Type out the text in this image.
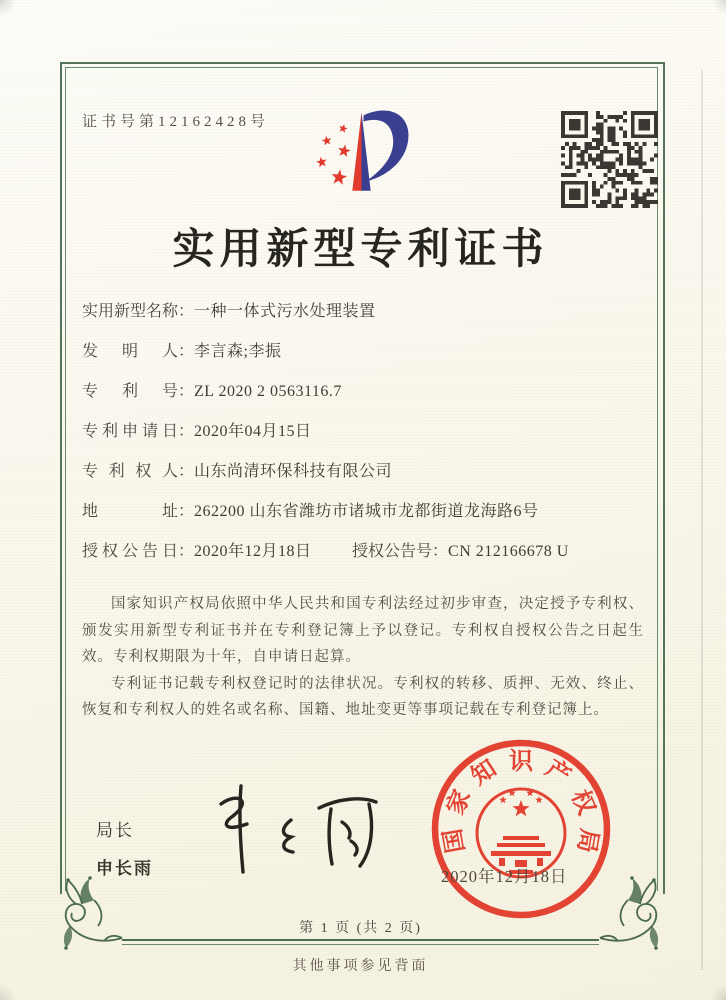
证书号第12162428号
实用新型专利证书
实用新型名称：一种一体式污水处理装置
发明人：李言森;李振
专利号：ZL 2020 2 0563116.7
专利申请日：2020年04月15日
专利权人：山东尚清环保科技有限公司
地址：262200 山东省潍坊市诸城市龙都街道龙海路6号
授权公告日：2020年12月18日	授权公告号：CN 212166678 U

国家知识产权局依照中华人民共和国专利法经过初步审查，决定授予专利权、颁发实用新型专利证书并在专利登记簿上予以登记。专利权自授权公告之日起生效。专利权期限为十年，自申请日起算。

专利证书记载专利权登记时的法律状况。专利权的转移、质押、无效、终止、恢复和专利权人的姓名或名称、国籍、地址变更等事项记载在专利登记簿上。

局长
申长雨
国
家
知 识 产
权
局
2020年12月18日
第 1 页 (共 2 页)
其他事项参见背面
